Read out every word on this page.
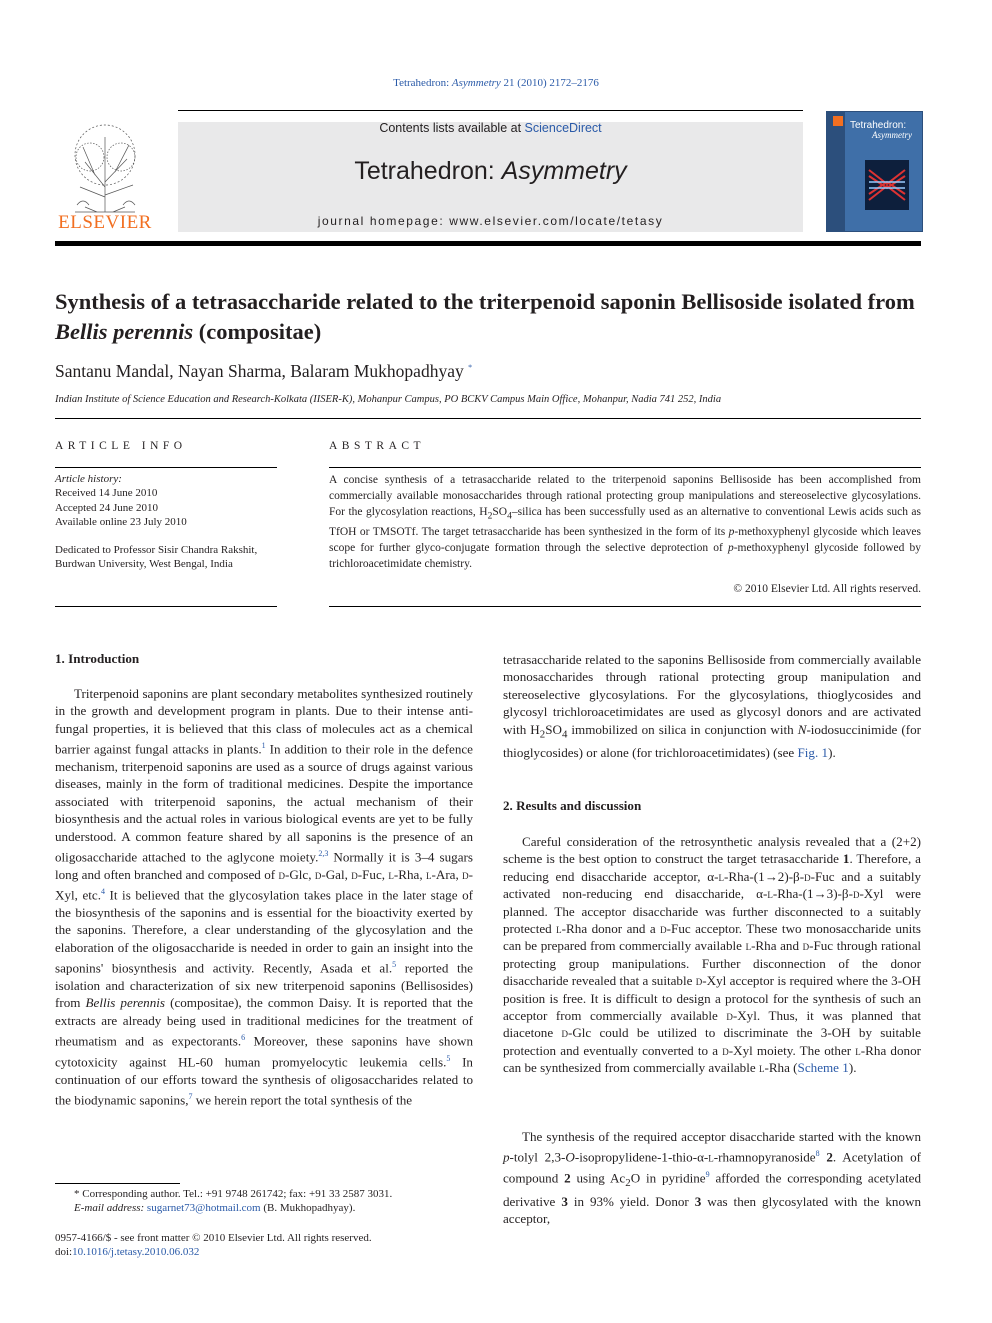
Tetrahedron: Asymmetry 21 (2010) 2172–2176
ELSEVIER
Contents lists available at ScienceDirect
Tetrahedron: Asymmetry
journal homepage: www.elsevier.com/locate/tetasy
Tetrahedron:
Asymmetry
Synthesis of a tetrasaccharide related to the triterpenoid saponin Bellisoside isolated from Bellis perennis (compositae)
Santanu Mandal, Nayan Sharma, Balaram Mukhopadhyay *
Indian Institute of Science Education and Research-Kolkata (IISER-K), Mohanpur Campus, PO BCKV Campus Main Office, Mohanpur, Nadia 741 252, India
ARTICLE INFO
Article history:
Received 14 June 2010
Accepted 24 June 2010
Available online 23 July 2010
Dedicated to Professor Sisir Chandra Rakshit, Burdwan University, West Bengal, India
ABSTRACT
A concise synthesis of a tetrasaccharide related to the triterpenoid saponins Bellisoside has been accomplished from commercially available monosaccharides through rational protecting group manipulations and stereoselective glycosylations. For the glycosylation reactions, $H_2SO_4$–silica has been successfully used as an alternative to conventional Lewis acids such as TfOH or TMSOTf. The target tetrasaccharide has been synthesized in the form of its p-methoxyphenyl glycoside which leaves scope for further glyco-conjugate formation through the selective deprotection of p-methoxyphenyl glycoside followed by trichloroacetimidate chemistry.
© 2010 Elsevier Ltd. All rights reserved.
1. Introduction
Triterpenoid saponins are plant secondary metabolites synthesized routinely in the growth and development program in plants. Due to their intense anti-fungal properties, it is believed that this class of molecules act as a chemical barrier against fungal attacks in plants.$^1$ In addition to their role in the defence mechanism, triterpenoid saponins are used as a source of drugs against various diseases, mainly in the form of traditional medicines. Despite the importance associated with triterpenoid saponins, the actual mechanism of their biosynthesis and the actual roles in various biological events are yet to be fully understood. A common feature shared by all saponins is the presence of an oligosaccharide attached to the aglycone moiety.$^{2,3}$ Normally it is 3–4 sugars long and often branched and composed of d-Glc, d-Gal, d-Fuc, l-Rha, l-Ara, d-Xyl, etc.$^4$ It is believed that the glycosylation takes place in the later stage of the biosynthesis of the saponins and is essential for the bioactivity exerted by the saponins. Therefore, a clear understanding of the glycosylation and the elaboration of the oligosaccharide is needed in order to gain an insight into the saponins' biosynthesis and activity. Recently, Asada et al.$^5$ reported the isolation and characterization of six new triterpenoid saponins (Bellisosides) from Bellis perennis (compositae), the common Daisy. It is reported that the extracts are already being used in traditional medicines for the treatment of rheumatism and as expectorants.$^6$ Moreover, these saponins have shown cytotoxicity against HL-60 human promyelocytic leukemia cells.$^5$ In continuation of our efforts toward the synthesis of oligosaccharides related to the biodynamic saponins,$^7$ we herein report the total synthesis of the
tetrasaccharide related to the saponins Bellisoside from commercially available monosaccharides through rational protecting group manipulation and stereoselective glycosylations. For the glycosylations, thioglycosides and glycosyl trichloroacetimidates are used as glycosyl donors and are activated with $H_2SO_4$ immobilized on silica in conjunction with N-iodosuccinimide (for thioglycosides) or alone (for trichloroacetimidates) (see Fig. 1).
2. Results and discussion
Careful consideration of the retrosynthetic analysis revealed that a (2+2) scheme is the best option to construct the target tetrasaccharide 1. Therefore, a reducing end disaccharide acceptor, α-l-Rha-(1→2)-β-d-Fuc and a suitably activated non-reducing end disaccharide, α-l-Rha-(1→3)-β-d-Xyl were planned. The acceptor disaccharide was further disconnected to a suitably protected l-Rha donor and a d-Fuc acceptor. These two monosaccharide units can be prepared from commercially available l-Rha and d-Fuc through rational protecting group manipulations. Further disconnection of the donor disaccharide revealed that a suitable d-Xyl acceptor is required where the 3-OH position is free. It is difficult to design a protocol for the synthesis of such an acceptor from commercially available d-Xyl. Thus, it was planned that diacetone d-Glc could be utilized to discriminate the 3-OH by suitable protection and eventually converted to a d-Xyl moiety. The other l-Rha donor can be synthesized from commercially available l-Rha (Scheme 1).
The synthesis of the required acceptor disaccharide started with the known p-tolyl 2,3-O-isopropylidene-1-thio-α-l-rhamnopyranoside$^8$ 2. Acetylation of compound 2 using $Ac_2O$ in pyridine$^9$ afforded the corresponding acetylated derivative 3 in 93% yield. Donor 3 was then glycosylated with the known acceptor,
* Corresponding author. Tel.: +91 9748 261742; fax: +91 33 2587 3031.
E-mail address: sugarnet73@hotmail.com (B. Mukhopadhyay).
0957-4166/$ - see front matter © 2010 Elsevier Ltd. All rights reserved.
doi:10.1016/j.tetasy.2010.06.032
